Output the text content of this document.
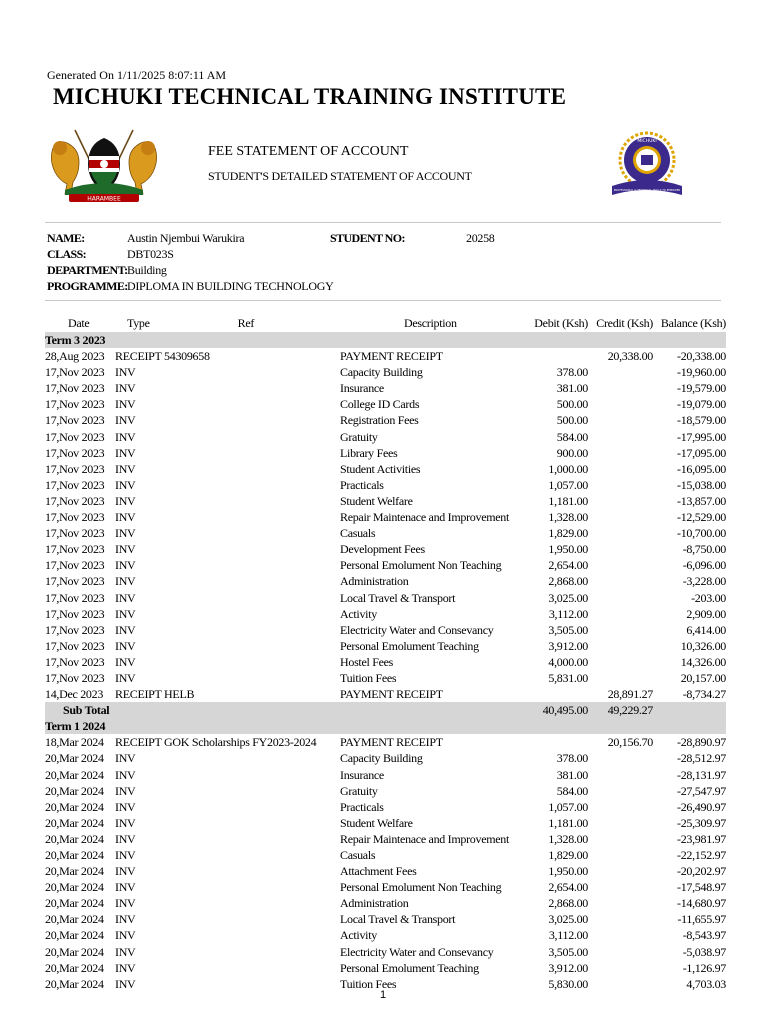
Generated On 1/11/2025 8:07:11 AM
MICHUKI TECHNICAL TRAINING INSTITUTE
HARAMBEE
FEE STATEMENT OF ACCOUNT
STUDENT'S DETAILED STATEMENT OF ACCOUNT
MICHUKI
PROFESSIONAL & TECHNICAL SKILLS TO EMPOWER
NAME:	Austin Njembui Warukira	STUDENT NO:	20258
CLASS:	DBT023S
DEPARTMENT: Building
PROGRAMME: DIPLOMA IN BUILDING TECHNOLOGY
Date	Type Ref	Description	Debit (Ksh)	Credit (Ksh)	Balance (Ksh)
Term 3 2023					
28,Aug 2023	RECEIPT 54309658	PAYMENT RECEIPT		20,338.00	-20,338.00
17,Nov 2023	INV	Capacity Building	378.00		-19,960.00
17,Nov 2023	INV	Insurance	381.00		-19,579.00
17,Nov 2023	INV	College ID Cards	500.00		-19,079.00
17,Nov 2023	INV	Registration Fees	500.00		-18,579.00
17,Nov 2023	INV	Gratuity	584.00		-17,995.00
17,Nov 2023	INV	Library Fees	900.00		-17,095.00
17,Nov 2023	INV	Student Activities	1,000.00		-16,095.00
17,Nov 2023	INV	Practicals	1,057.00		-15,038.00
17,Nov 2023	INV	Student Welfare	1,181.00		-13,857.00
17,Nov 2023	INV	Repair Maintenace and Improvement	1,328.00		-12,529.00
17,Nov 2023	INV	Casuals	1,829.00		-10,700.00
17,Nov 2023	INV	Development Fees	1,950.00		-8,750.00
17,Nov 2023	INV	Personal Emolument Non Teaching	2,654.00		-6,096.00
17,Nov 2023	INV	Administration	2,868.00		-3,228.00
17,Nov 2023	INV	Local Travel & Transport	3,025.00		-203.00
17,Nov 2023	INV	Activity	3,112.00		2,909.00
17,Nov 2023	INV	Electricity Water and Consevancy	3,505.00		6,414.00
17,Nov 2023	INV	Personal Emolument Teaching	3,912.00		10,326.00
17,Nov 2023	INV	Hostel Fees	4,000.00		14,326.00
17,Nov 2023	INV	Tuition Fees	5,831.00		20,157.00
14,Dec 2023	RECEIPT HELB	PAYMENT RECEIPT		28,891.27	-8,734.27
Sub Total			40,495.00	49,229.27	
Term 1 2024					
18,Mar 2024	RECEIPT GOK Scholarships FY2023-2024	PAYMENT RECEIPT		20,156.70	-28,890.97
20,Mar 2024	INV	Capacity Building	378.00		-28,512.97
20,Mar 2024	INV	Insurance	381.00		-28,131.97
20,Mar 2024	INV	Gratuity	584.00		-27,547.97
20,Mar 2024	INV	Practicals	1,057.00		-26,490.97
20,Mar 2024	INV	Student Welfare	1,181.00		-25,309.97
20,Mar 2024	INV	Repair Maintenace and Improvement	1,328.00		-23,981.97
20,Mar 2024	INV	Casuals	1,829.00		-22,152.97
20,Mar 2024	INV	Attachment Fees	1,950.00		-20,202.97
20,Mar 2024	INV	Personal Emolument Non Teaching	2,654.00		-17,548.97
20,Mar 2024	INV	Administration	2,868.00		-14,680.97
20,Mar 2024	INV	Local Travel & Transport	3,025.00		-11,655.97
20,Mar 2024	INV	Activity	3,112.00		-8,543.97
20,Mar 2024	INV	Electricity Water and Consevancy	3,505.00		-5,038.97
20,Mar 2024	INV	Personal Emolument Teaching	3,912.00		-1,126.97
20,Mar 2024	INV	Tuition Fees	5,830.00		4,703.03
1
